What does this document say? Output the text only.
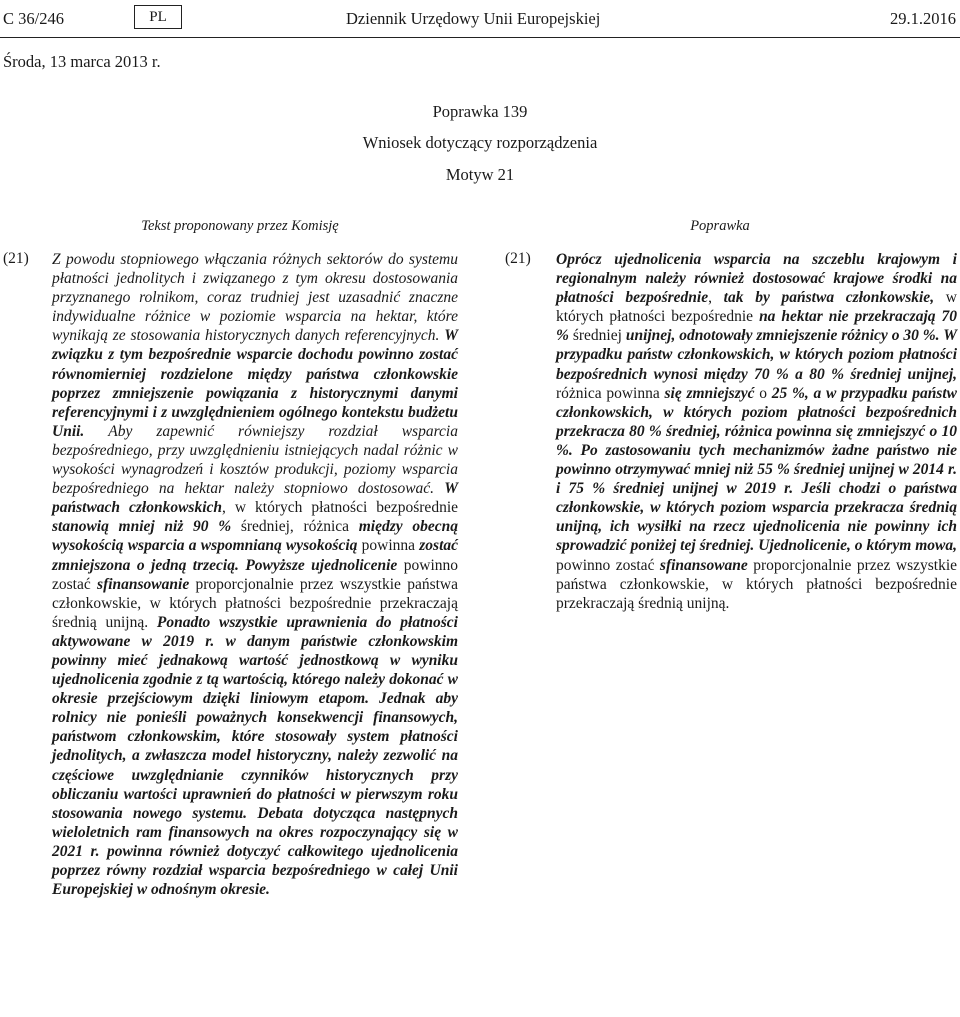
C 36/246	PL	Dziennik Urzędowy Unii Europejskiej	29.1.2016
Środa, 13 marca 2013 r.
Poprawka 139
Wniosek dotyczący rozporządzenia
Motyw 21
Tekst proponowany przez Komisję	Poprawka
(21) Z powodu stopniowego włączania różnych sektorów do systemu płatności jednolitych i związanego z tym okresu dostosowania przyznanego rolnikom, coraz trudniej jest uzasadnić znaczne indywidualne różnice w poziomie wsparcia na hektar, które wynikają ze stosowania historycznych danych referencyjnych. W związku z tym bezpośrednie wsparcie dochodu powinno zostać równomierniej rozdzielone między państwa członkowskie poprzez zmniejszenie powiązania z historycznymi danymi referencyjnymi i z uwzględnieniem ogólnego kontekstu budżetu Unii. Aby zapewnić równiejszy rozdział wsparcia bezpośredniego, przy uwzględnieniu istniejących nadal różnic w wysokości wynagrodzeń i kosztów produkcji, poziomy wsparcia bezpośredniego na hektar należy stopniowo dostosować. W państwach członkowskich, w których płatności bezpośrednie stanowią mniej niż 90 % średniej, różnica między obecną wysokością wsparcia a wspomnianą wysokością powinna zostać zmniejszona o jedną trzecią. Powyższe ujednolicenie powinno zostać sfinansowanie proporcjonalnie przez wszystkie państwa członkowskie, w których płatności bezpośrednie przekraczają średnią unijną. Ponadto wszystkie uprawnienia do płatności aktywowane w 2019 r. w danym państwie członkowskim powinny mieć jednakową wartość jednostkową w wyniku ujednolicenia zgodnie z tą wartością, którego należy dokonać w okresie przejściowym dzięki liniowym etapom. Jednak aby rolnicy nie ponieśli poważnych konsekwencji finansowych, państwom członkowskim, które stosowały system płatności jednolitych, a zwłaszcza model historyczny, należy zezwolić na częściowe uwzględnianie czynników historycznych przy obliczaniu wartości uprawnień do płatności w pierwszym roku stosowania nowego systemu. Debata dotycząca następnych wieloletnich ram finansowych na okres rozpoczynający się w 2021 r. powinna również dotyczyć całkowitego ujednolicenia poprzez równy rozdział wsparcia bezpośredniego w całej Unii Europejskiej w odnośnym okresie.
(21) Oprócz ujednolicenia wsparcia na szczeblu krajowym i regionalnym należy również dostosować krajowe środki na płatności bezpośrednie, tak by państwa członkowskie, w których płatności bezpośrednie na hektar nie przekraczają 70 % średniej unijnej, odnotowały zmniejszenie różnicy o 30 %. W przypadku państw członkowskich, w których poziom płatności bezpośrednich wynosi między 70 % a 80 % średniej unijnej, różnica powinna się zmniejszyć o 25 %, a w przypadku państw członkowskich, w których poziom płatności bezpośrednich przekracza 80 % średniej, różnica powinna się zmniejszyć o 10 %. Po zastosowaniu tych mechanizmów żadne państwo nie powinno otrzymywać mniej niż 55 % średniej unijnej w 2014 r. i 75 % średniej unijnej w 2019 r. Jeśli chodzi o państwa członkowskie, w których poziom wsparcia przekracza średnią unijną, ich wysiłki na rzecz ujednolicenia nie powinny ich sprowadzić poniżej tej średniej. Ujednolicenie, o którym mowa, powinno zostać sfinansowane proporcjonalnie przez wszystkie państwa członkowskie, w których płatności bezpośrednie przekraczają średnią unijną.
